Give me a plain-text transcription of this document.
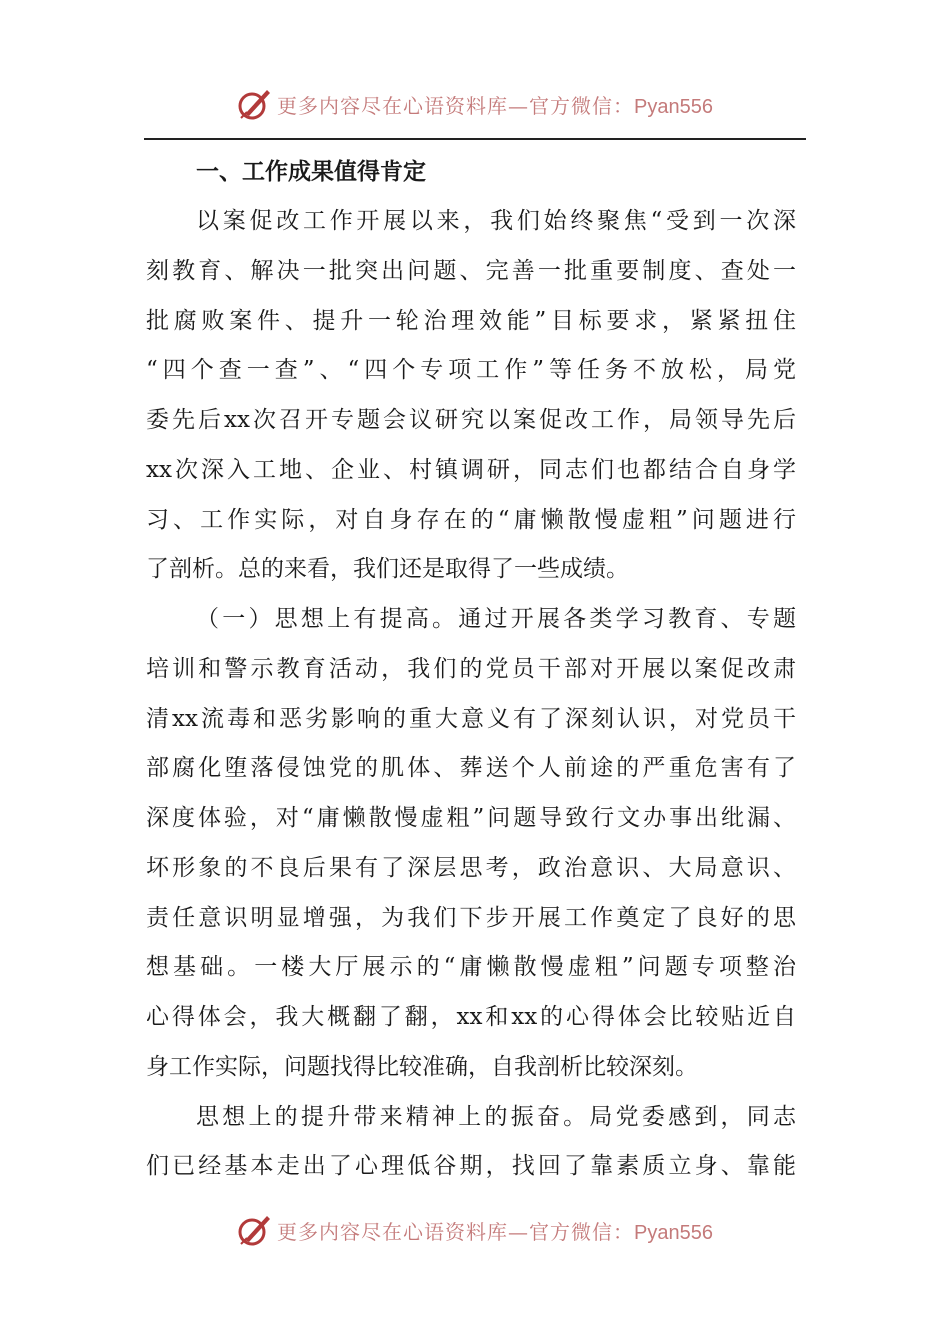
更多内容尽在心语资料库—官方微信：Pyan556
一、工作成果值得肯定
以案促改工作开展以来，我们始终聚焦“受到一次深
刻教育、解决一批突出问题、完善一批重要制度、查处一
批腐败案件、提升一轮治理效能”目标要求，紧紧扭住
“四个查一查”、“四个专项工作”等任务不放松，局党
委先后xx次召开专题会议研究以案促改工作，局领导先后
xx次深入工地、企业、村镇调研，同志们也都结合自身学
习、工作实际，对自身存在的“庸懒散慢虚粗”问题进行
了剖析。总的来看，我们还是取得了一些成绩。
（一）思想上有提高。通过开展各类学习教育、专题
培训和警示教育活动，我们的党员干部对开展以案促改肃
清xx流毒和恶劣影响的重大意义有了深刻认识，对党员干
部腐化堕落侵蚀党的肌体、葬送个人前途的严重危害有了
深度体验，对“庸懒散慢虚粗”问题导致行文办事出纰漏、
坏形象的不良后果有了深层思考，政治意识、大局意识、
责任意识明显增强，为我们下步开展工作奠定了良好的思
想基础。一楼大厅展示的“庸懒散慢虚粗”问题专项整治
心得体会，我大概翻了翻，xx和xx的心得体会比较贴近自
身工作实际，问题找得比较准确，自我剖析比较深刻。
思想上的提升带来精神上的振奋。局党委感到，同志
们已经基本走出了心理低谷期，找回了靠素质立身、靠能
更多内容尽在心语资料库—官方微信：Pyan556
